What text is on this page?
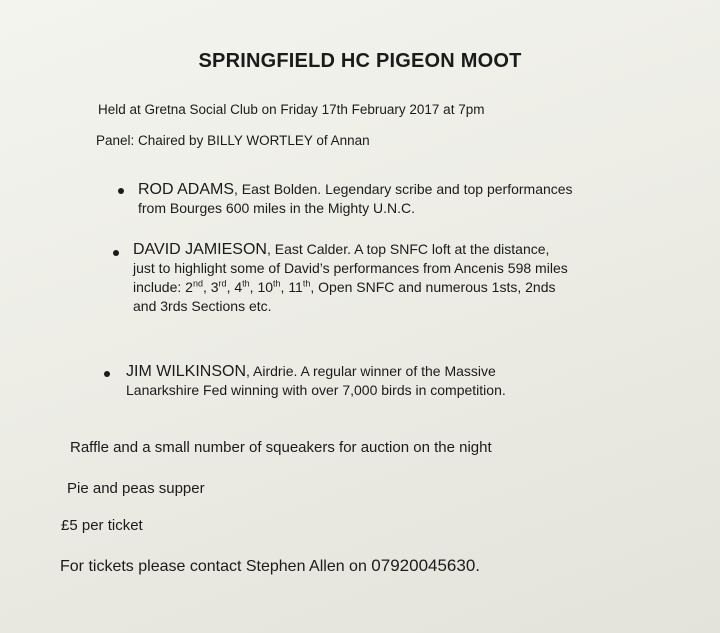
SPRINGFIELD HC PIGEON MOOT
Held at Gretna Social Club on Friday 17th February 2017 at 7pm
Panel: Chaired by BILLY WORTLEY of Annan
ROD ADAMS, East Bolden. Legendary scribe and top performances
from Bourges 600 miles in the Mighty U.N.C.
DAVID JAMIESON, East Calder. A top SNFC loft at the distance,
just to highlight some of David’s performances from Ancenis 598 miles
include: 2nd, 3rd, 4th, 10th, 11th, Open SNFC and numerous 1sts, 2nds
and 3rds Sections etc.
JIM WILKINSON, Airdrie. A regular winner of the Massive
Lanarkshire Fed winning with over 7,000 birds in competition.
Raffle and a small number of squeakers for auction on the night
Pie and peas supper
£5 per ticket
For tickets please contact Stephen Allen on 07920045630.
